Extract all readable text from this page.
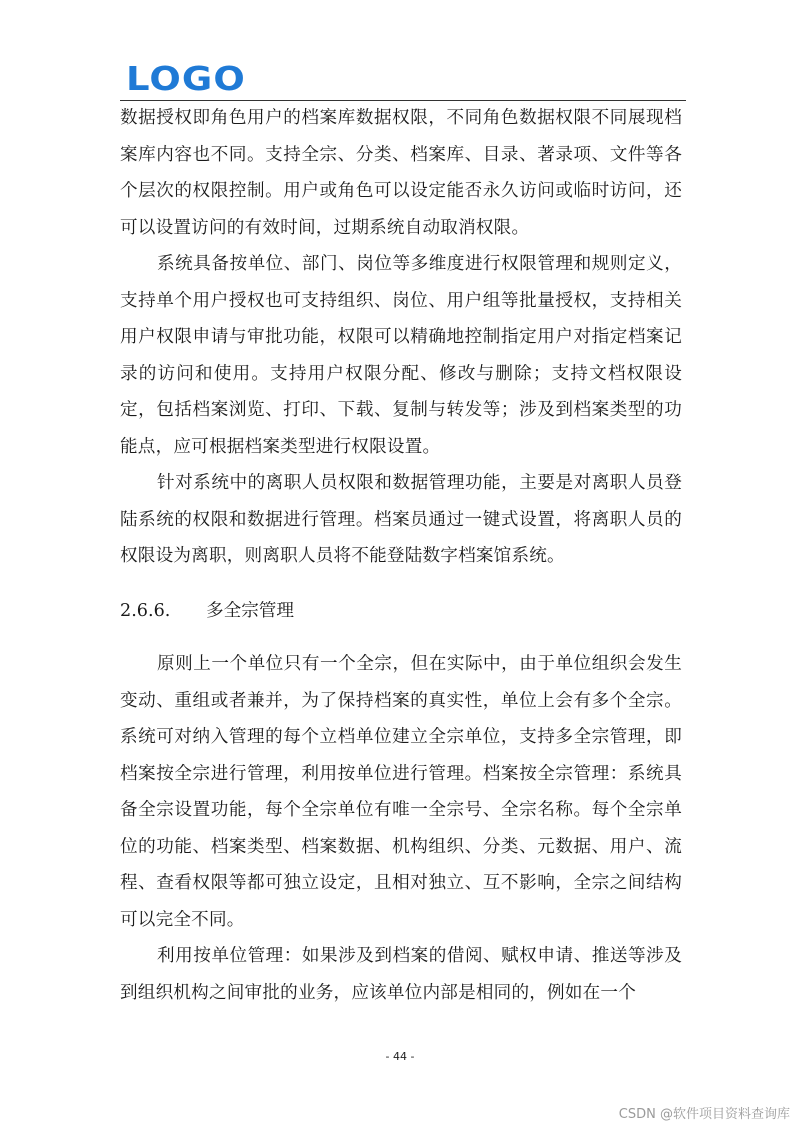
LOGO

数据授权即角色用户的档案库数据权限，不同角色数据权限不同展现档案库内容也不同。支持全宗、分类、档案库、目录、著录项、文件等各个层次的权限控制。用户或角色可以设定能否永久访问或临时访问，还可以设置访问的有效时间，过期系统自动取消权限。

系统具备按单位、部门、岗位等多维度进行权限管理和规则定义，支持单个用户授权也可支持组织、岗位、用户组等批量授权，支持相关用户权限申请与审批功能，权限可以精确地控制指定用户对指定档案记录的访问和使用。支持用户权限分配、修改与删除；支持文档权限设定，包括档案浏览、打印、下载、复制与转发等；涉及到档案类型的功能点，应可根据档案类型进行权限设置。

针对系统中的离职人员权限和数据管理功能，主要是对离职人员登陆系统的权限和数据进行管理。档案员通过一键式设置，将离职人员的权限设为离职，则离职人员将不能登陆数字档案馆系统。

2.6.6.	多全宗管理

原则上一个单位只有一个全宗，但在实际中，由于单位组织会发生变动、重组或者兼并，为了保持档案的真实性，单位上会有多个全宗。系统可对纳入管理的每个立档单位建立全宗单位，支持多全宗管理，即档案按全宗进行管理，利用按单位进行管理。档案按全宗管理：系统具备全宗设置功能，每个全宗单位有唯一全宗号、全宗名称。每个全宗单位的功能、档案类型、档案数据、机构组织、分类、元数据、用户、流程、查看权限等都可独立设定，且相对独立、互不影响，全宗之间结构可以完全不同。

利用按单位管理：如果涉及到档案的借阅、赋权申请、推送等涉及到组织机构之间审批的业务，应该单位内部是相同的，例如在一个

- 44 -
CSDN @软件项目资料查询库
